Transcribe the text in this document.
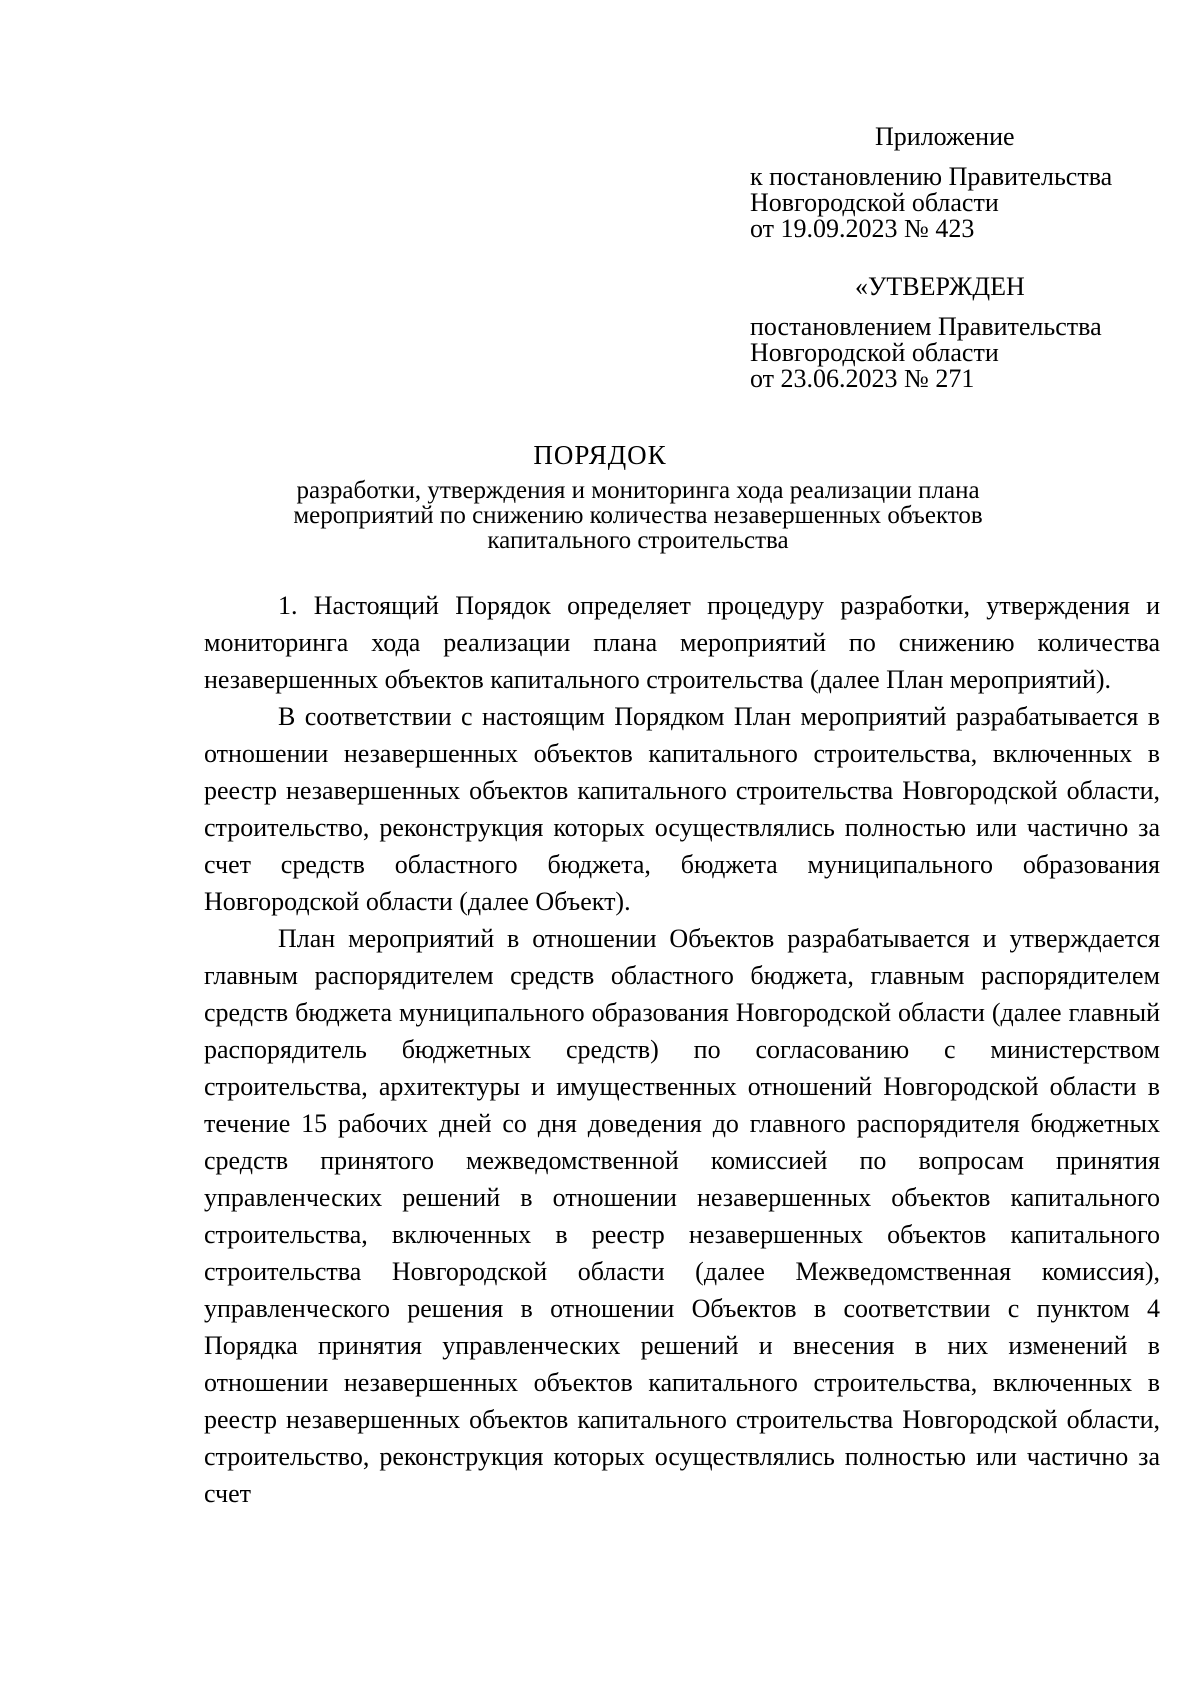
Приложение
к постановлению Правительства
Новгородской области
от 19.09.2023 № 423
«УТВЕРЖДЕН
постановлением Правительства
Новгородской области
от 23.06.2023 № 271
ПОРЯДОК
разработки, утверждения и мониторинга хода реализации плана
мероприятий по снижению количества незавершенных объектов
капитального строительства

1. Настоящий Порядок определяет процедуру разработки, утверждения и мониторинга хода реализации плана мероприятий по снижению количества незавершенных объектов капитального строительства (далее План мероприятий).

В соответствии с настоящим Порядком План мероприятий разрабатывается в отношении незавершенных объектов капитального строительства, включенных в реестр незавершенных объектов капитального строительства Новгородской области, строительство, реконструкция которых осуществлялись полностью или частично за счет средств областного бюджета, бюджета муниципального образования Новгородской области (далее Объект).

План мероприятий в отношении Объектов разрабатывается и утверждается главным распорядителем средств областного бюджета, главным распорядителем средств бюджета муниципального образования Новгородской области (далее главный распорядитель бюджетных средств) по согласованию с министерством строительства, архитектуры и имущественных отношений Новгородской области в течение 15 рабочих дней со дня доведения до главного распорядителя бюджетных средств принятого межведомственной комиссией по вопросам принятия управленческих решений в отношении незавершенных объектов капитального строительства, включенных в реестр незавершенных объектов капитального строительства Новгородской области (далее Межведомственная комиссия), управленческого решения в отношении Объектов в соответствии с пунктом 4 Порядка принятия управленческих решений и внесения в них изменений в отношении незавершенных объектов капитального строительства, включенных в реестр незавершенных объектов капитального строительства Новгородской области, строительство, реконструкция которых осуществлялись полностью или частично за счет
